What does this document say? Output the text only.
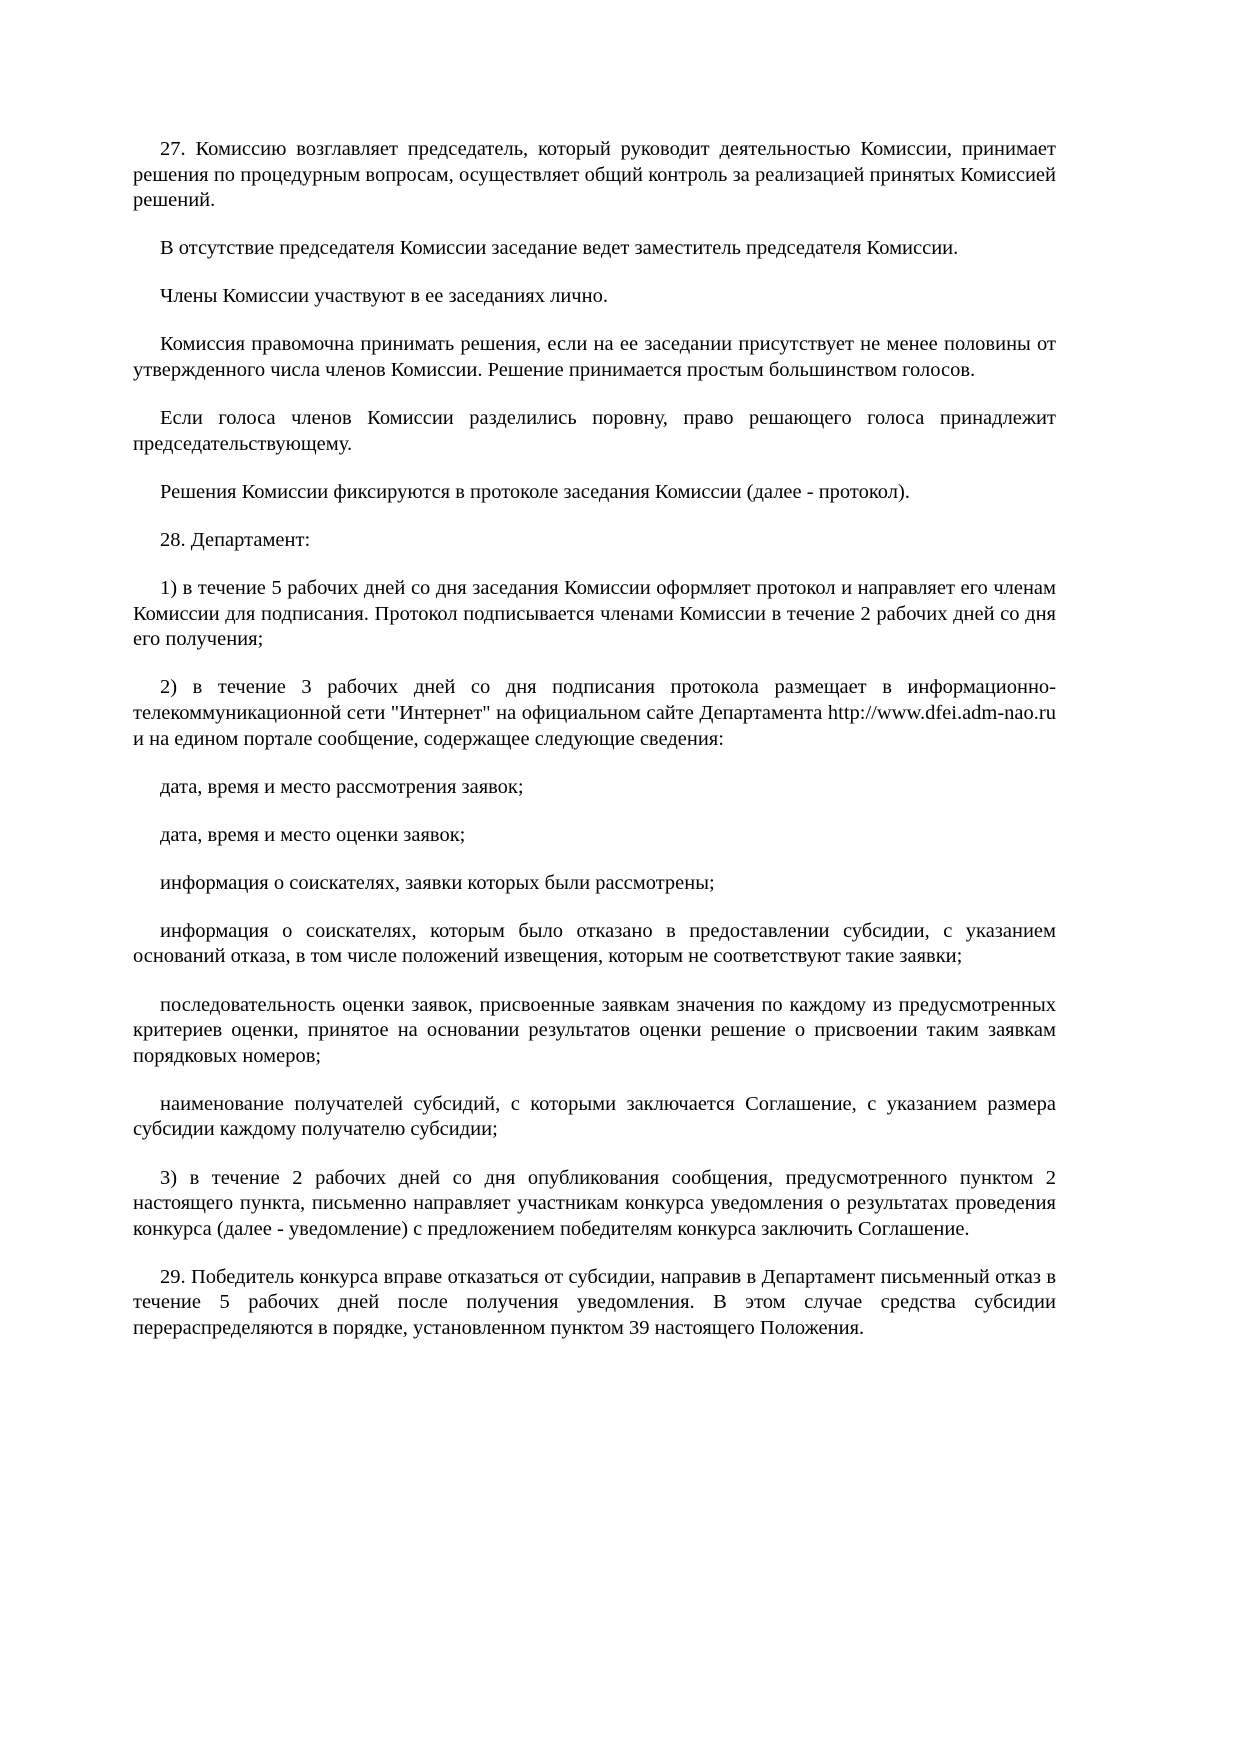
27. Комиссию возглавляет председатель, который руководит деятельностью Комиссии, принимает решения по процедурным вопросам, осуществляет общий контроль за реализацией принятых Комиссией решений.

В отсутствие председателя Комиссии заседание ведет заместитель председателя Комиссии.

Члены Комиссии участвуют в ее заседаниях лично.

Комиссия правомочна принимать решения, если на ее заседании присутствует не менее половины от утвержденного числа членов Комиссии. Решение принимается простым большинством голосов.

Если голоса членов Комиссии разделились поровну, право решающего голоса принадлежит председательствующему.

Решения Комиссии фиксируются в протоколе заседания Комиссии (далее - протокол).

28. Департамент:

1) в течение 5 рабочих дней со дня заседания Комиссии оформляет протокол и направляет его членам Комиссии для подписания. Протокол подписывается членами Комиссии в течение 2 рабочих дней со дня его получения;

2) в течение 3 рабочих дней со дня подписания протокола размещает в информационно-телекоммуникационной сети "Интернет" на официальном сайте Департамента http://www.dfei.adm-nao.ru и на едином портале сообщение, содержащее следующие сведения:

дата, время и место рассмотрения заявок;

дата, время и место оценки заявок;

информация о соискателях, заявки которых были рассмотрены;

информация о соискателях, которым было отказано в предоставлении субсидии, с указанием оснований отказа, в том числе положений извещения, которым не соответствуют такие заявки;

последовательность оценки заявок, присвоенные заявкам значения по каждому из предусмотренных критериев оценки, принятое на основании результатов оценки решение о присвоении таким заявкам порядковых номеров;

наименование получателей субсидий, с которыми заключается Соглашение, с указанием размера субсидии каждому получателю субсидии;

3) в течение 2 рабочих дней со дня опубликования сообщения, предусмотренного пунктом 2 настоящего пункта, письменно направляет участникам конкурса уведомления о результатах проведения конкурса (далее - уведомление) с предложением победителям конкурса заключить Соглашение.

29. Победитель конкурса вправе отказаться от субсидии, направив в Департамент письменный отказ в течение 5 рабочих дней после получения уведомления. В этом случае средства субсидии перераспределяются в порядке, установленном пунктом 39 настоящего Положения.
